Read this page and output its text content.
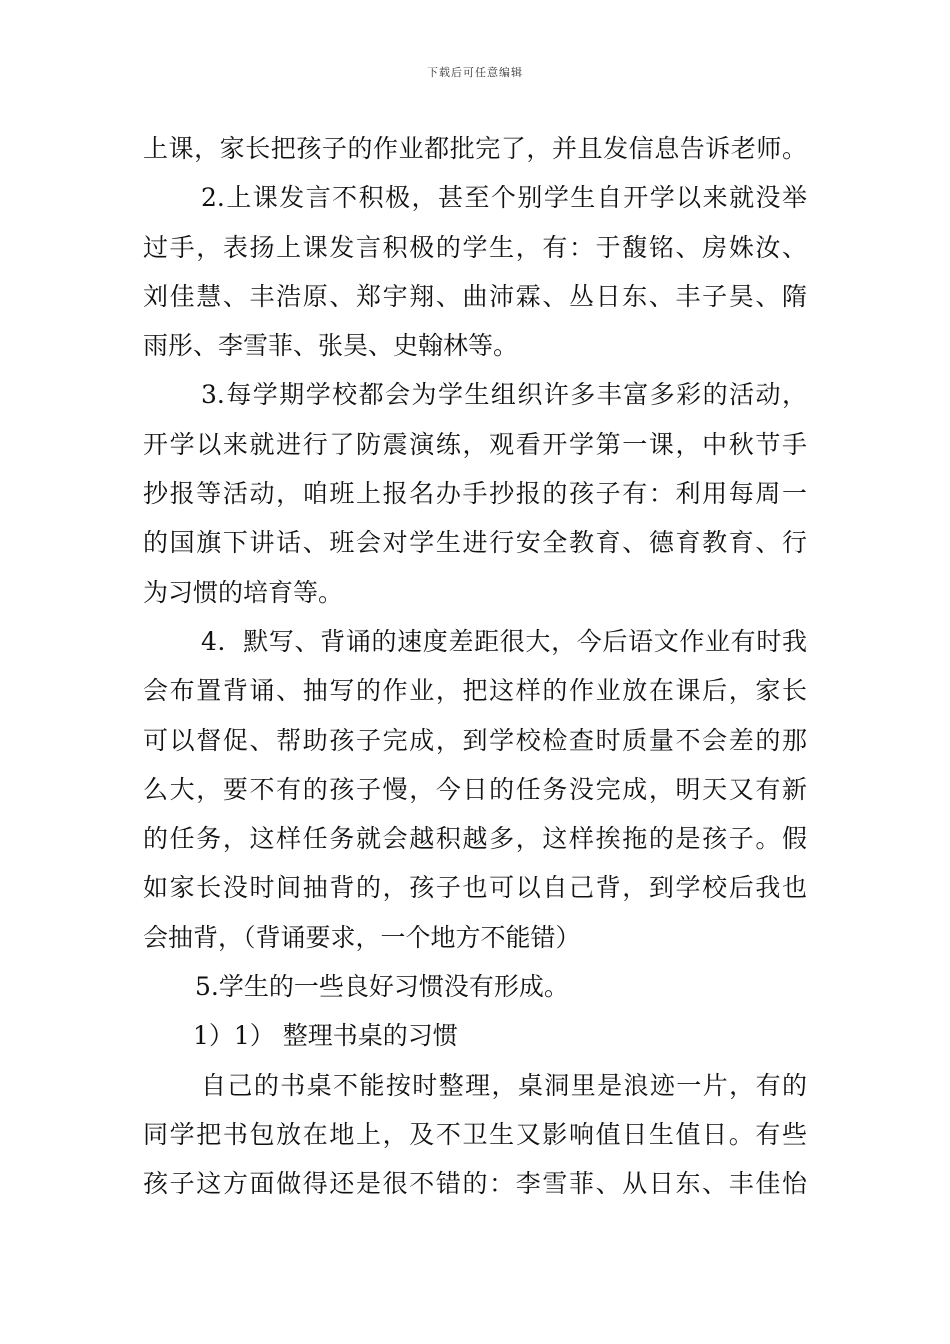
下载后可任意编辑
上课，家长把孩子的作业都批完了，并且发信息告诉老师。
2.上课发言不积极，甚至个别学生自开学以来就没举
过手，表扬上课发言积极的学生，有：于馥铭、房姝汝、
刘佳慧、丰浩原、郑宇翔、曲沛霖、丛日东、丰子昊、隋
雨彤、李雪菲、张昊、史翰林等。
3.每学期学校都会为学生组织许多丰富多彩的活动，
开学以来就进行了防震演练，观看开学第一课，中秋节手
抄报等活动，咱班上报名办手抄报的孩子有：利用每周一
的国旗下讲话、班会对学生进行安全教育、德育教育、行
为习惯的培育等。
4．默写、背诵的速度差距很大，今后语文作业有时我
会布置背诵、抽写的作业，把这样的作业放在课后，家长
可以督促、帮助孩子完成，到学校检查时质量不会差的那
么大，要不有的孩子慢，今日的任务没完成，明天又有新
的任务，这样任务就会越积越多，这样挨拖的是孩子。假
如家长没时间抽背的，孩子也可以自己背，到学校后我也
会抽背，（背诵要求，一个地方不能错）
5.学生的一些良好习惯没有形成。
1）1） 整理书桌的习惯
自己的书桌不能按时整理，桌洞里是浪迹一片，有的
同学把书包放在地上，及不卫生又影响值日生值日。有些
孩子这方面做得还是很不错的：李雪菲、从日东、丰佳怡
